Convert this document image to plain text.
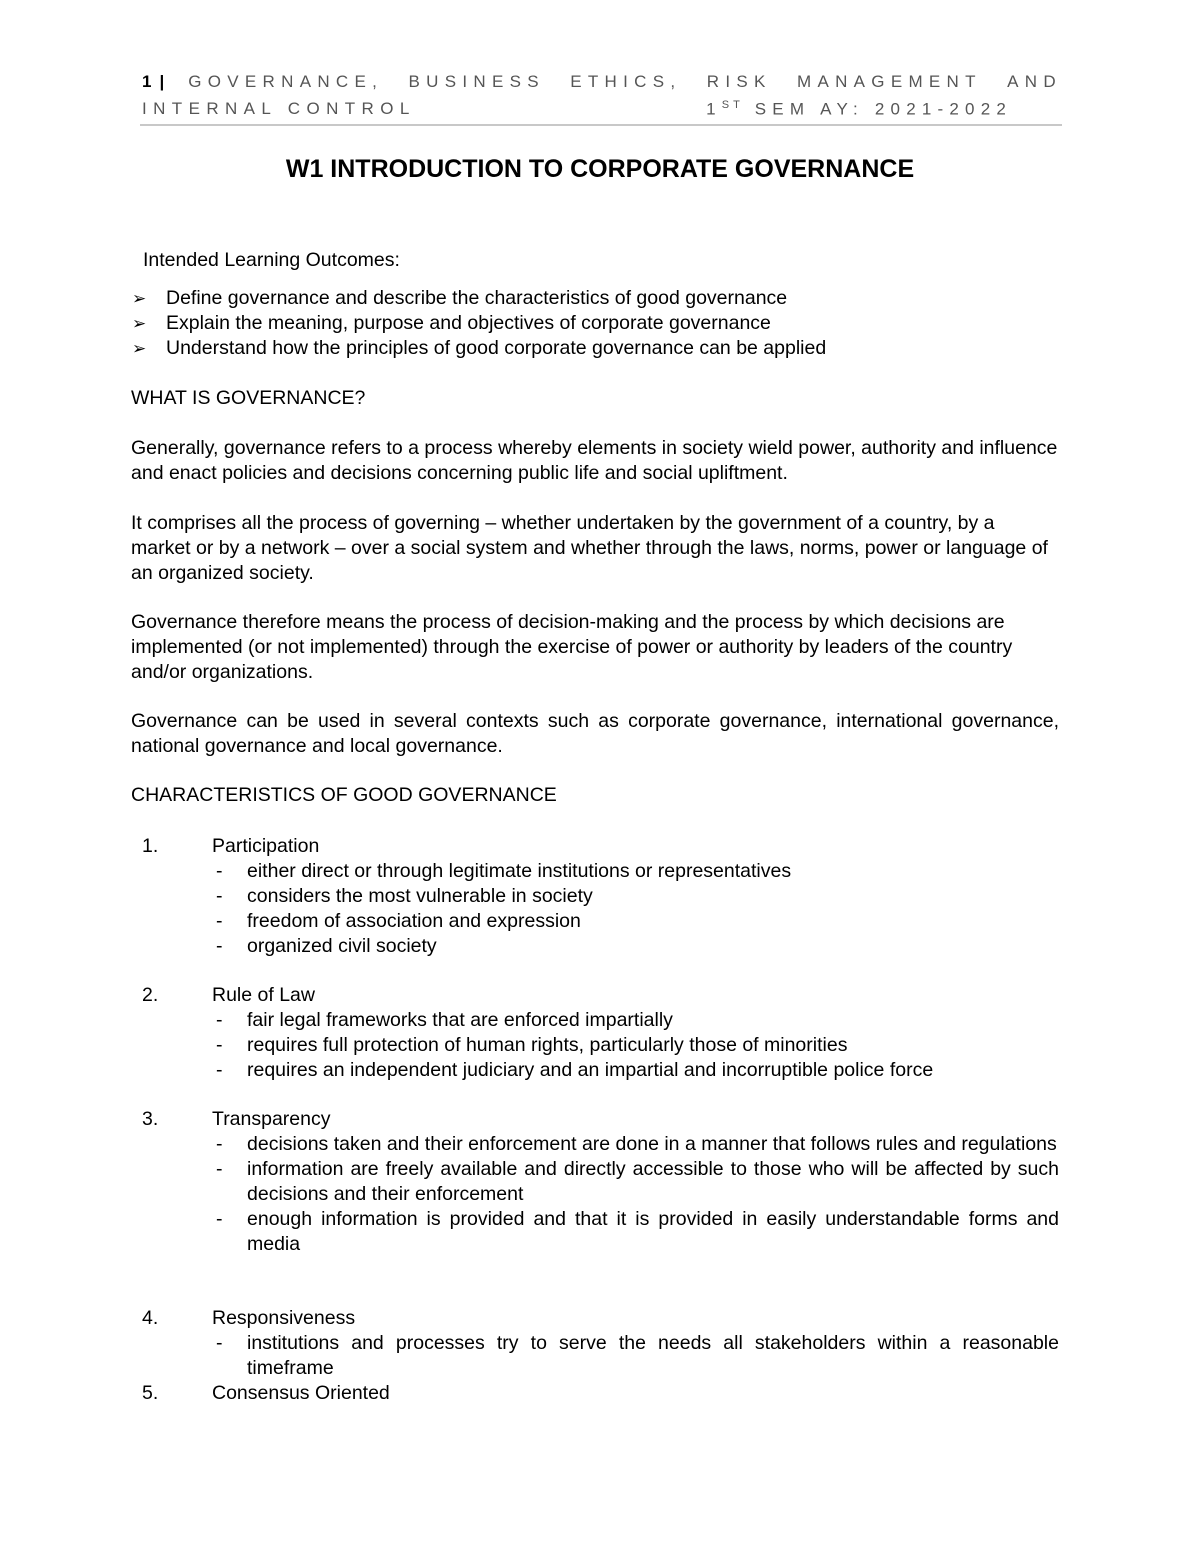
1 | GOVERNANCE, BUSINESS ETHICS, RISK MANAGEMENT AND
INTERNAL CONTROL	1ST SEM AY: 2021-2022
W1 INTRODUCTION TO CORPORATE GOVERNANCE
Intended Learning Outcomes:
➢ Define governance and describe the characteristics of good governance
➢ Explain the meaning, purpose and objectives of corporate governance
➢ Understand how the principles of good corporate governance can be applied
WHAT IS GOVERNANCE?
Generally, governance refers to a process whereby elements in society wield power, authority and influence and enact policies and decisions concerning public life and social upliftment.
It comprises all the process of governing – whether undertaken by the government of a country, by a market or by a network – over a social system and whether through the laws, norms, power or language of an organized society.
Governance therefore means the process of decision-making and the process by which decisions are implemented (or not implemented) through the exercise of power or authority by leaders of the country and/or organizations.
Governance can be used in several contexts such as corporate governance, international governance, national governance and local governance.
CHARACTERISTICS OF GOOD GOVERNANCE
1.	Participation
- either direct or through legitimate institutions or representatives
- considers the most vulnerable in society
- freedom of association and expression
- organized civil society
2.	Rule of Law
- fair legal frameworks that are enforced impartially
- requires full protection of human rights, particularly those of minorities
- requires an independent judiciary and an impartial and incorruptible police force
3.	Transparency
- decisions taken and their enforcement are done in a manner that follows rules and regulations
- information are freely available and directly accessible to those who will be affected by such decisions and their enforcement
- enough information is provided and that it is provided in easily understandable forms and media
4.	Responsiveness
- institutions and processes try to serve the needs all stakeholders within a reasonable timeframe
5.	Consensus Oriented
